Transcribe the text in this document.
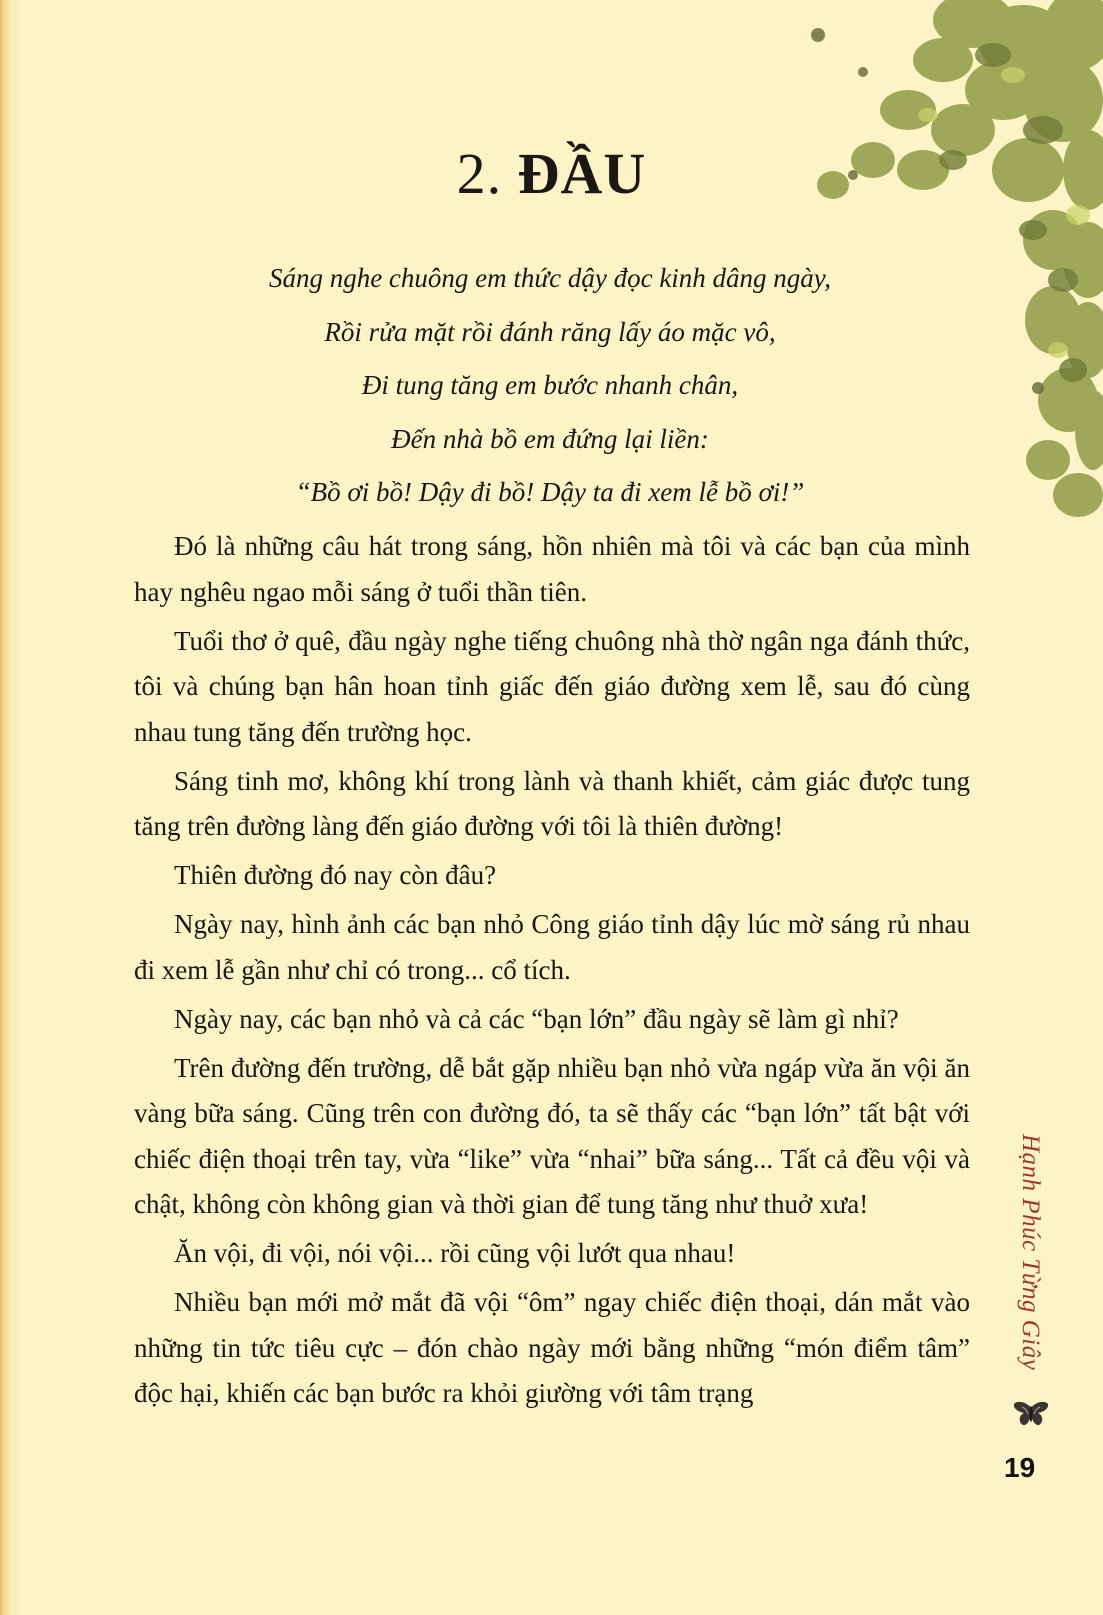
2. ĐẦU
Sáng nghe chuông em thức dậy đọc kinh dâng ngày,
Rồi rửa mặt rồi đánh răng lấy áo mặc vô,
Đi tung tăng em bước nhanh chân,
Đến nhà bồ em đứng lại liền:
“Bồ ơi bồ! Dậy đi bồ! Dậy ta đi xem lễ bồ ơi!”

Đó là những câu hát trong sáng, hồn nhiên mà tôi và các bạn của mình hay nghêu ngao mỗi sáng ở tuổi thần tiên.

Tuổi thơ ở quê, đầu ngày nghe tiếng chuông nhà thờ ngân nga đánh thức, tôi và chúng bạn hân hoan tỉnh giấc đến giáo đường xem lễ, sau đó cùng nhau tung tăng đến trường học.

Sáng tinh mơ, không khí trong lành và thanh khiết, cảm giác được tung tăng trên đường làng đến giáo đường với tôi là thiên đường!

Thiên đường đó nay còn đâu?

Ngày nay, hình ảnh các bạn nhỏ Công giáo tỉnh dậy lúc mờ sáng rủ nhau đi xem lễ gần như chỉ có trong... cổ tích.

Ngày nay, các bạn nhỏ và cả các “bạn lớn” đầu ngày sẽ làm gì nhỉ?

Trên đường đến trường, dễ bắt gặp nhiều bạn nhỏ vừa ngáp vừa ăn vội ăn vàng bữa sáng. Cũng trên con đường đó, ta sẽ thấy các “bạn lớn” tất bật với chiếc điện thoại trên tay, vừa “like” vừa “nhai” bữa sáng... Tất cả đều vội và chật, không còn không gian và thời gian để tung tăng như thuở xưa!

Ăn vội, đi vội, nói vội... rồi cũng vội lướt qua nhau!

Nhiều bạn mới mở mắt đã vội “ôm” ngay chiếc điện thoại, dán mắt vào những tin tức tiêu cực – đón chào ngày mới bằng những “món điểm tâm” độc hại, khiến các bạn bước ra khỏi giường với tâm trạng

Hạnh Phúc Từng Giây
19
